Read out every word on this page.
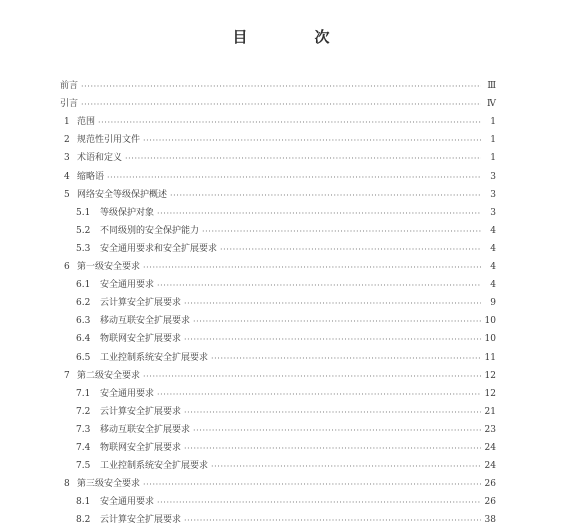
目　次
前言 ·····	Ⅲ
引言 ·····	Ⅳ
1 范围 ·····	1
2 规范性引用文件 ·····	1
3 术语和定义 ·····	1
4 缩略语 ·····	3
5 网络安全等级保护概述 ·····	3
5.1	等级保护对象 ·····	3
5.2	不同级别的安全保护能力 ·····	4
5.3	安全通用要求和安全扩展要求 ·····	4
6 第一级安全要求 ·····	4
6.1	安全通用要求 ·····	4
6.2	云计算安全扩展要求 ·····	9
6.3	移动互联安全扩展要求 ·····	10
6.4	物联网安全扩展要求 ·····	10
6.5	工业控制系统安全扩展要求 ·····	11
7 第二级安全要求 ·····	12
7.1	安全通用要求 ·····	12
7.2	云计算安全扩展要求 ·····	21
7.3	移动互联安全扩展要求 ·····	23
7.4	物联网安全扩展要求 ·····	24
7.5	工业控制系统安全扩展要求 ·····	24
8 第三级安全要求 ·····	26
8.1	安全通用要求 ·····	26
8.2	云计算安全扩展要求 ·····	38
